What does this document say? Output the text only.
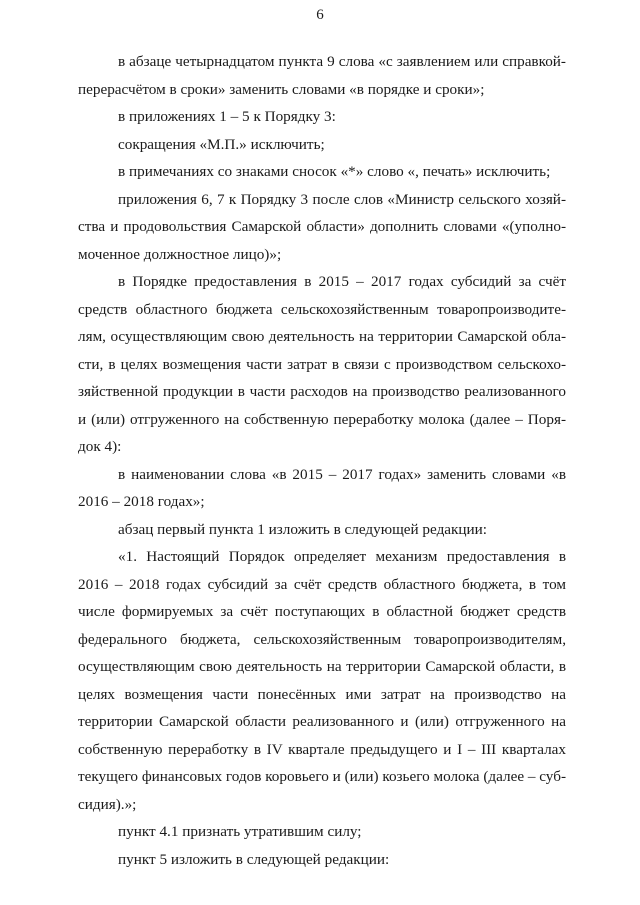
6

в абзаце четырнадцатом пункта 9 слова «с заявлением или справкой-перерасчётом в сроки» заменить словами «в порядке и сроки»;

в приложениях 1 – 5 к Порядку 3:

сокращения «М.П.» исключить;

в примечаниях со знаками сносок «*» слово «, печать» исключить;

приложения 6, 7 к Порядку 3 после слов «Министр сельского хозяйства и продовольствия Самарской области» дополнить словами «(уполномоченное должностное лицо)»;

в Порядке предоставления в 2015 – 2017 годах субсидий за счёт средств областного бюджета сельскохозяйственным товаропроизводителям, осуществляющим свою деятельность на территории Самарской области, в целях возмещения части затрат в связи с производством сельскохозяйственной продукции в части расходов на производство реализованного и (или) отгруженного на собственную переработку молока (далее – Порядок 4):

в наименовании слова «в 2015 – 2017 годах» заменить словами «в 2016 – 2018 годах»;

абзац первый пункта 1 изложить в следующей редакции:

«1. Настоящий Порядок определяет механизм предоставления в 2016 – 2018 годах субсидий за счёт средств областного бюджета, в том числе формируемых за счёт поступающих в областной бюджет средств федерального бюджета, сельскохозяйственным товаропроизводителям, осуществляющим свою деятельность на территории Самарской области, в целях возмещения части понесённых ими затрат на производство на территории Самарской области реализованного и (или) отгруженного на собственную переработку в IV квартале предыдущего и I – III кварталах текущего финансовых годов коровьего и (или) козьего молока (далее – субсидия).»;

пункт 4.1 признать утратившим силу;

пункт 5 изложить в следующей редакции:
